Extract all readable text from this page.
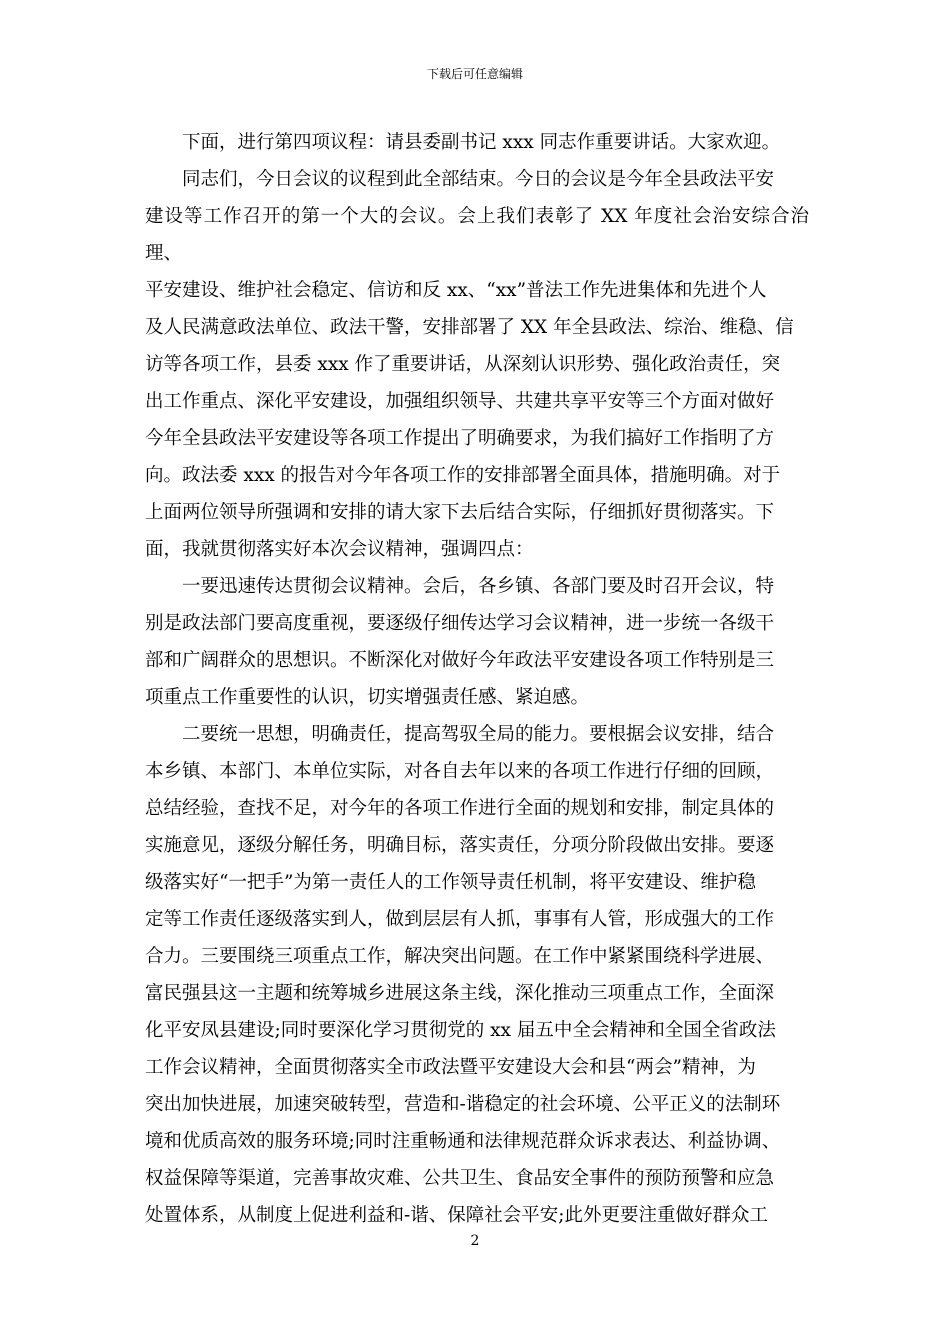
下载后可任意编辑

下面，进行第四项议程：请县委副书记 xxx 同志作重要讲话。大家欢迎。

同志们，今日会议的议程到此全部结束。今日的会议是今年全县政法平安
建设等工作召开的第一个大的会议。会上我们表彰了 XX 年度社会治安综合治理、
平安建设、维护社会稳定、信访和反 xx、“xx”普法工作先进集体和先进个人
及人民满意政法单位、政法干警，安排部署了 XX 年全县政法、综治、维稳、信
访等各项工作，县委 xxx 作了重要讲话，从深刻认识形势、强化政治责任，突
出工作重点、深化平安建设，加强组织领导、共建共享平安等三个方面对做好
今年全县政法平安建设等各项工作提出了明确要求，为我们搞好工作指明了方
向。政法委 xxx 的报告对今年各项工作的安排部署全面具体，措施明确。对于
上面两位领导所强调和安排的请大家下去后结合实际，仔细抓好贯彻落实。下
面，我就贯彻落实好本次会议精神，强调四点：

一要迅速传达贯彻会议精神。会后，各乡镇、各部门要及时召开会议，特
别是政法部门要高度重视，要逐级仔细传达学习会议精神，进一步统一各级干
部和广阔群众的思想识。不断深化对做好今年政法平安建设各项工作特别是三
项重点工作重要性的认识，切实增强责任感、紧迫感。

二要统一思想，明确责任，提高驾驭全局的能力。要根据会议安排，结合
本乡镇、本部门、本单位实际，对各自去年以来的各项工作进行仔细的回顾，
总结经验，查找不足，对今年的各项工作进行全面的规划和安排，制定具体的
实施意见，逐级分解任务，明确目标，落实责任，分项分阶段做出安排。要逐
级落实好“一把手”为第一责任人的工作领导责任机制，将平安建设、维护稳
定等工作责任逐级落实到人，做到层层有人抓，事事有人管，形成强大的工作
合力。三要围绕三项重点工作，解决突出问题。在工作中紧紧围绕科学进展、
富民强县这一主题和统筹城乡进展这条主线，深化推动三项重点工作，全面深
化平安凤县建设;同时要深化学习贯彻党的 xx 届五中全会精神和全国全省政法
工作会议精神，全面贯彻落实全市政法暨平安建设大会和县“两会”精神，为
突出加快进展，加速突破转型，营造和-谐稳定的社会环境、公平正义的法制环
境和优质高效的服务环境;同时注重畅通和法律规范群众诉求表达、利益协调、
权益保障等渠道，完善事故灾难、公共卫生、食品安全事件的预防预警和应急
处置体系，从制度上促进利益和-谐、保障社会平安;此外更要注重做好群众工

2
